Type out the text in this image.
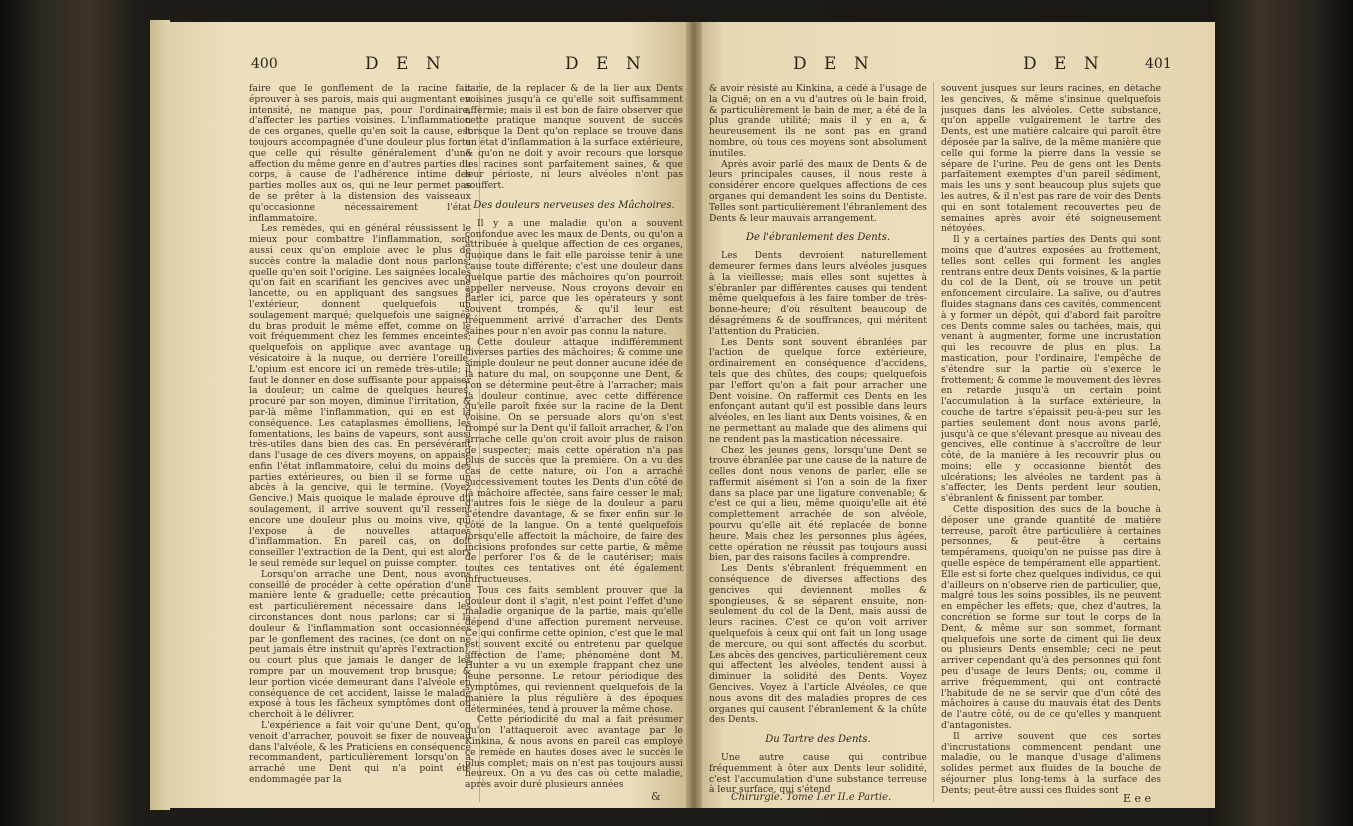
400	D E N	D E N

faire que le gonflement de la racine fait éprouver à ses parois, mais qui augmentant en intensité, ne manque pas, pour l'ordinaire, d'affecter les parties voisines. L'inflammation de ces organes, quelle qu'en soit la cause, est toujours accompagnée d'une douleur plus forte que celle qui résulte généralement d'une affection du même genre en d'autres parties du corps, à cause de l'adhérence intime des parties molles aux os, qui ne leur permet pas de se prêter à la distension des vaisseaux qu'occasionne nécessairement l'état inflammatoire.

Les remèdes, qui en général réussissent le mieux pour combattre l'inflammation, sont aussi ceux qu'on emploie avec le plus de succès contre la maladie dont nous parlons, quelle qu'en soit l'origine. Les saignées locales qu'on fait en scarifiant les gencives avec une lancette, ou en appliquant des sangsues à l'extérieur, donnent quelquefois un soulagement marqué; quelquefois une saignée du bras produit le même effet, comme on le voit fréquemment chez les femmes enceintes; quelquefois on applique avec avantage un vésicatoire à la nuque, ou derrière l'oreille. L'opium est encore ici un remède très-utile; il faut le donner en dose suffisante pour appaiser la douleur; un calme de quelques heures, procuré par son moyen, diminue l'irritation, & par-là même l'inflammation, qui en est la conséquence. Les cataplasmes émolliens, les fomentations, les bains de vapeurs, sont aussi très-utiles dans bien des cas. En persévérant dans l'usage de ces divers moyens, on appaise enfin l'état inflammatoire, celui du moins des parties extérieures, ou bien il se forme un abcès à la gencive, qui le termine. (Voyez Gencive.) Mais quoique le malade éprouve du soulagement, il arrive souvent qu'il ressent encore une douleur plus ou moins vive, qui l'expose à de nouvelles attaques d'inflammation. En pareil cas, on doit conseiller l'extraction de la Dent, qui est alors le seul remède sur lequel on puisse compter.

Lorsqu'on arrache une Dent, nous avons conseillé de procéder à cette opération d'une manière lente & graduelle; cette précaution est particulièrement nécessaire dans les circonstances dont nous parlons; car si la douleur & l'inflammation sont occasionnées par le gonflement des racines, (ce dont on ne peut jamais être instruit qu'après l'extraction), ou court plus que jamais le danger de les rompre par un mouvement trop brusque; & leur portion vicée demeurant dans l'alvéole en conséquence de cet accident, laisse le malade exposé à tous les fâcheux symptômes dont on cherchoit à le délivrer.

L'expérience a fait voir qu'une Dent, qu'on venoit d'arracher, pouvoit se fixer de nouveau dans l'alvéole, & les Praticiens en conséquence recommandent, particulièrement lorsqu'on a arraché une Dent qui n'a point été endommagée par la

carie, de la replacer & de la lier aux Dents voisines jusqu'à ce qu'elle soit suffisamment affermie; mais il est bon de faire observer que cette pratique manque souvent de succès lorsque la Dent qu'on replace se trouve dans un état d'inflammation à la surface extérieure, & qu'on ne doit y avoir recours que lorsque les racines sont parfaitement saines, & que leur périoste, ni leurs alvéoles n'ont pas souffert.

Des douleurs nerveuses des Mâchoires.

Il y a une maladie qu'on a souvent confondue avec les maux de Dents, ou qu'on a attribuée à quelque affection de ces organes, quoique dans le fait elle paroisse tenir à une cause toute différente; c'est une douleur dans quelque partie des mâchoires qu'on pourroit appeller nerveuse. Nous croyons devoir en parler ici, parce que les opérateurs y sont souvent trompés, & qu'il leur est fréquemment arrivé d'arracher des Dents saines pour n'en avoir pas connu la nature.

Cette douleur attaque indifféremment diverses parties des mâchoires; & comme une simple douleur ne peut donner aucune idée de la nature du mal, on soupçonne une Dent, & l'on se détermine peut-être à l'arracher; mais la douleur continue, avec cette différence qu'elle paroît fixée sur la racine de la Dent voisine. On se persuade alors qu'on s'est trompé sur la Dent qu'il falloit arracher, & l'on arrache celle qu'on croit avoir plus de raison de suspecter; mais cette opération n'a pas plus de succès que la première. On a vu des cas de cette nature, où l'on a arraché successivement toutes les Dents d'un côté de la mâchoire affectée, sans faire cesser le mal; d'autres fois le siège de la douleur a paru s'étendre davantage, & se fixer enfin sur le côté de la langue. On a tenté quelquefois lorsqu'elle affectoit la mâchoire, de faire des incisions profondes sur cette partie, & même de perforer l'os & de le cautériser; mais toutes ces tentatives ont été également infructueuses.

Tous ces faits semblent prouver que la douleur dont il s'agit, n'est point l'effet d'une maladie organique de la partie, mais qu'elle dépend d'une affection purement nerveuse. Ce qui confirme cette opinion, c'est que le mal est souvent excité ou entretenu par quelque affection de l'ame; phénomène dont M. Hunter a vu un exemple frappant chez une jeune personne. Le retour périodique des symptômes, qui reviennent quelquefois de la manière la plus régulière à des époques déterminées, tend à prouver la même chose.

Cette périodicité du mal a fait présumer qu'on l'attaqueroit avec avantage par le Kinkina, & nous avons en pareil cas employé ce remède en hautes doses avec le succès le plus complet; mais on n'est pas toujours aussi heureux. On a vu des cas où cette maladie, après avoir duré plusieurs années

&
D E N	D E N	401

& avoir résisté au Kinkina, a cédé à l'usage de la Ciguë; on en a vu d'autres où le bain froid, & particulièrement le bain de mer, a été de la plus grande utilité; mais il y en a, & heureusement ils ne sont pas en grand nombre, où tous ces moyens sont absolument inutiles.

Après avoir parlé des maux de Dents & de leurs principales causes, il nous reste à considérer encore quelques affections de ces organes qui demandent les soins du Dentiste. Telles sont particulièrement l'ébranlement des Dents & leur mauvais arrangement.

De l'ébranlement des Dents.

Les Dents devroient naturellement demeurer fermes dans leurs alvéoles jusques à la vieillesse; mais elles sont sujettes à s'ébranler par différentes causes qui tendent même quelquefois à les faire tomber de très-bonne-heure; d'où résultent beaucoup de désagrémens & de souffrances, qui méritent l'attention du Praticien.

Les Dents sont souvent ébranlées par l'action de quelque force extérieure, ordinairement en conséquence d'accidens, tels que des chûtes, des coups; quelquefois par l'effort qu'on a fait pour arracher une Dent voisine. On raffermit ces Dents en les enfonçant autant qu'il est possible dans leurs alvéoles, en les liant aux Dents voisines, & en ne permettant au malade que des alimens qui ne rendent pas la mastication nécessaire.

Chez les jeunes gens, lorsqu'une Dent se trouve ébranlée par une cause de la nature de celles dont nous venons de parler, elle se raffermit aisément si l'on a soin de la fixer dans sa place par une ligature convenable; & c'est ce qui a lieu, même quoiqu'elle ait été complettement arrachée de son alvéole, pourvu qu'elle ait été replacée de bonne heure. Mais chez les personnes plus âgées, cette opération ne réussit pas toujours aussi bien, par des raisons faciles à comprendre.

Les Dents s'ébranlent fréquemment en conséquence de diverses affections des gencives qui deviennent molles & spongieuses, & se séparent ensuite, non-seulement du col de la Dent, mais aussi de leurs racines. C'est ce qu'on voit arriver quelquefois à ceux qui ont fait un long usage de mercure, ou qui sont affectés du scorbut. Les abcès des gencives, particulièrement ceux qui affectent les alvéoles, tendent aussi à diminuer la solidité des Dents. Voyez Gencives. Voyez à l'article Alvéoles, ce que nous avons dit des maladies propres de ces organes qui causent l'ébranlement & la chûte des Dents.

Du Tartre des Dents.

Une autre cause qui contribue fréquemment à ôter aux Dents leur solidité, c'est l'accumulation d'une substance terreuse à leur surface, qui s'étend

souvent jusques sur leurs racines, en détache les gencives, & même s'insinue quelquefois jusques dans les alvéoles. Cette substance, qu'on appelle vulgairement le tartre des Dents, est une matière calcaire qui paroît être déposée par la salive, de la même manière que celle qui forme la pierre dans la vessie se sépare de l'urine. Peu de gens ont les Dents parfaitement exemptes d'un pareil sédiment, mais les uns y sont beaucoup plus sujets que les autres, & il n'est pas rare de voir des Dents qui en sont totalement recouvertes peu de semaines après avoir été soigneusement nétoyées.

Il y a certaines parties des Dents qui sont moins que d'autres exposées au frottement, telles sont celles qui forment les angles rentrans entre deux Dents voisines, & la partie du col de la Dent, où se trouve un petit enfoncement circulaire. La salive, ou d'autres fluides stagnans dans ces cavités, commencent à y former un dépôt, qui d'abord fait paroître ces Dents comme sales ou tachées, mais, qui venant à augmenter, forme une incrustation qui les recouvre de plus en plus. La mastication, pour l'ordinaire, l'empêche de s'étendre sur la partie où s'exerce le frottement; & comme le mouvement des lèvres en retarde jusqu'à un certain point l'accumulation à la surface extérieure, la couche de tartre s'épaissit peu-à-peu sur les parties seulement dont nous avons parlé, jusqu'à ce que s'élevant presque au niveau des gencives, elle continue à s'accroître de leur côté, de la manière à les recouvrir plus ou moins; elle y occasionne bientôt des ulcérations; les alvéoles ne tardent pas à s'affecter, les Dents perdent leur soutien, s'ébranlent & finissent par tomber.

Cette disposition des sucs de la bouche à déposer une grande quantité de matière terreuse, paroît être particulière à certaines personnes, & peut-être à certains tempéramens, quoiqu'on ne puisse pas dire à quelle espèce de tempérament elle appartient. Elle est si forte chez quelques individus, ce qui d'ailleurs on n'observe rien de particulier, que, malgré tous les soins possibles, ils ne peuvent en empêcher les effets; que, chez d'autres, la concrétion se forme sur tout le corps de la Dent, & même sur son sommet, formant quelquefois une sorte de ciment qui lie deux ou plusieurs Dents ensemble; ceci ne peut arriver cependant qu'à des personnes qui font peu d'usage de leurs Dents; ou, comme il arrive fréquemment, qui ont contracté l'habitude de ne se servir que d'un côté des mâchoires à cause du mauvais état des Dents de l'autre côté, ou de ce qu'elles y manquent d'antagonistes.

Il arrive souvent que ces sortes d'incrustations commencent pendant une maladie, ou le manque d'usage d'alimens solides permet aux fluides de la bouche de séjourner plus long-tems à la surface des Dents; peut-être aussi ces fluides sont

Chirurgie. Tome I.er II.e Partie.	E e e
